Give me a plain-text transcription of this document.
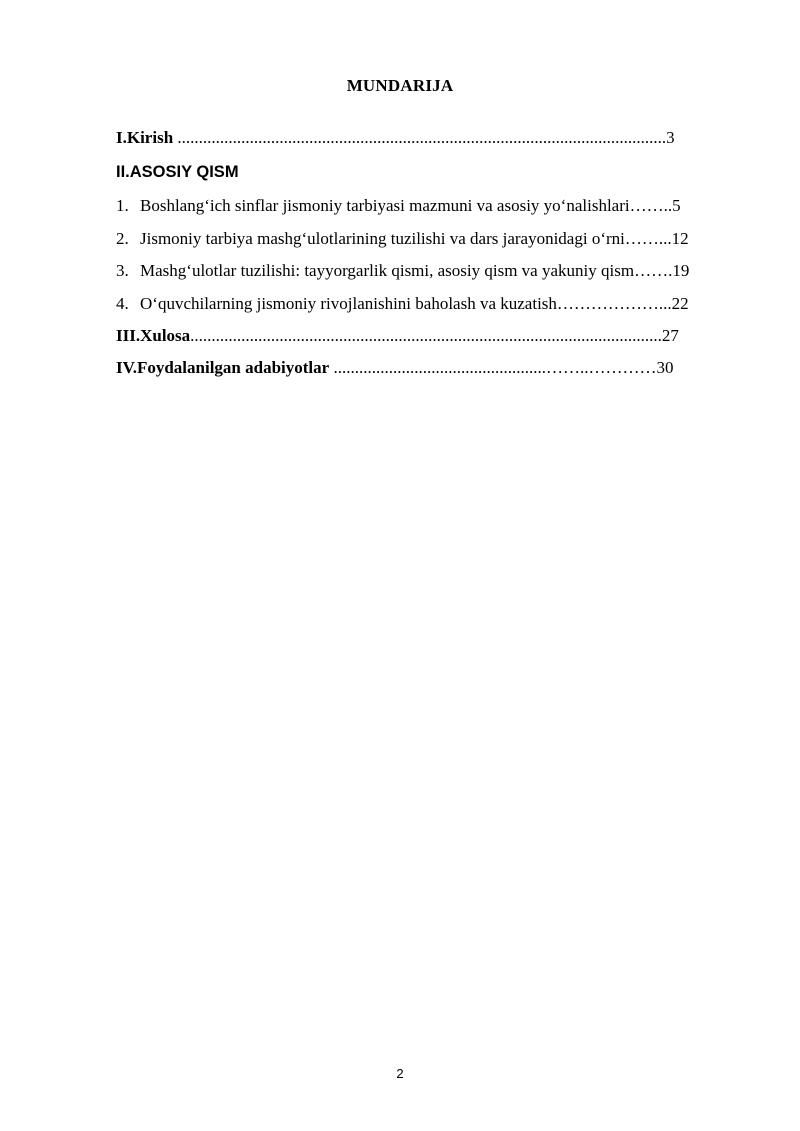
MUNDARIJA
I.Kirish ...................................................................................................................3
II.ASOSIY QISM
1. Boshlang‘ich sinflar jismoniy tarbiyasi mazmuni va asosiy yo‘nalishlari……..5
2. Jismoniy tarbiya mashg‘ulotlarining tuzilishi va dars jarayonidagi o‘rni……...12
3. Mashg‘ulotlar tuzilishi: tayyorgarlik qismi, asosiy qism va yakuniy qism…….19
4. O‘quvchilarning jismoniy rivojlanishini baholash va kuzatish………………...22
III.Xulosa...............................................................................................................27
IV.Foydalanilgan adabiyotlar ..................................................……..…………30
2
